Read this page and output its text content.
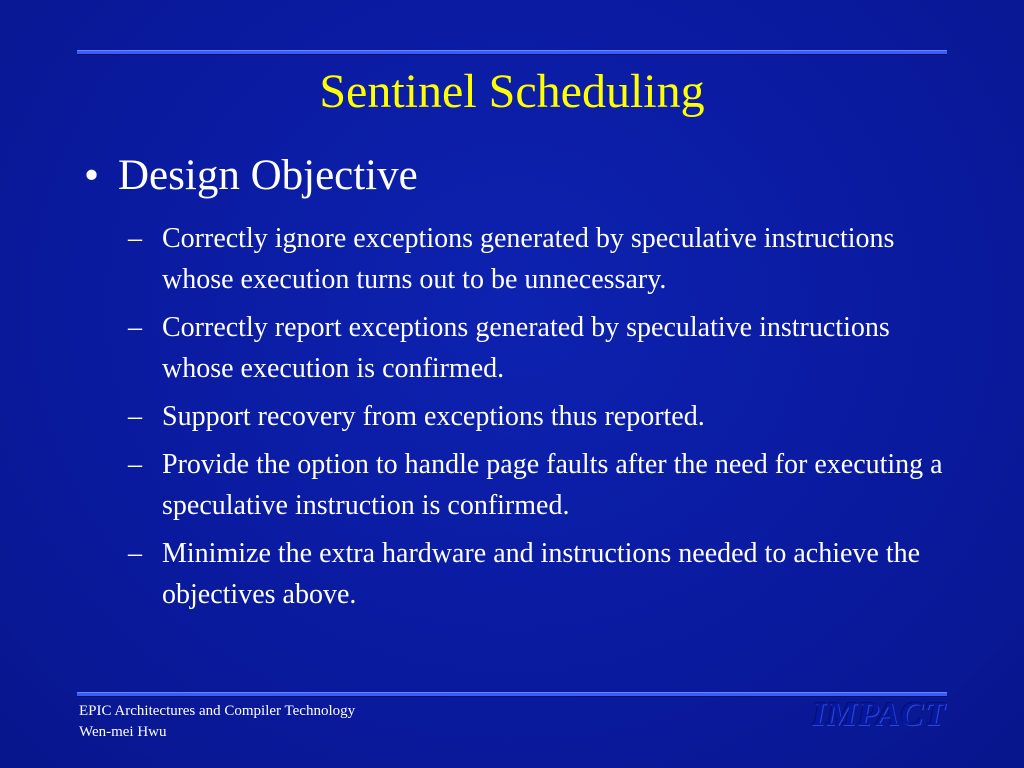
Sentinel Scheduling
• Design Objective
– Correctly ignore exceptions generated by speculative instructions whose execution turns out to be unnecessary.
– Correctly report exceptions generated by speculative instructions whose execution is confirmed.
– Support recovery from exceptions thus reported.
– Provide the option to handle page faults after the need for executing a speculative instruction is confirmed.
– Minimize the extra hardware and instructions needed to achieve the objectives above.
EPIC Architectures and Compiler Technology
Wen-mei Hwu	IMPACT
